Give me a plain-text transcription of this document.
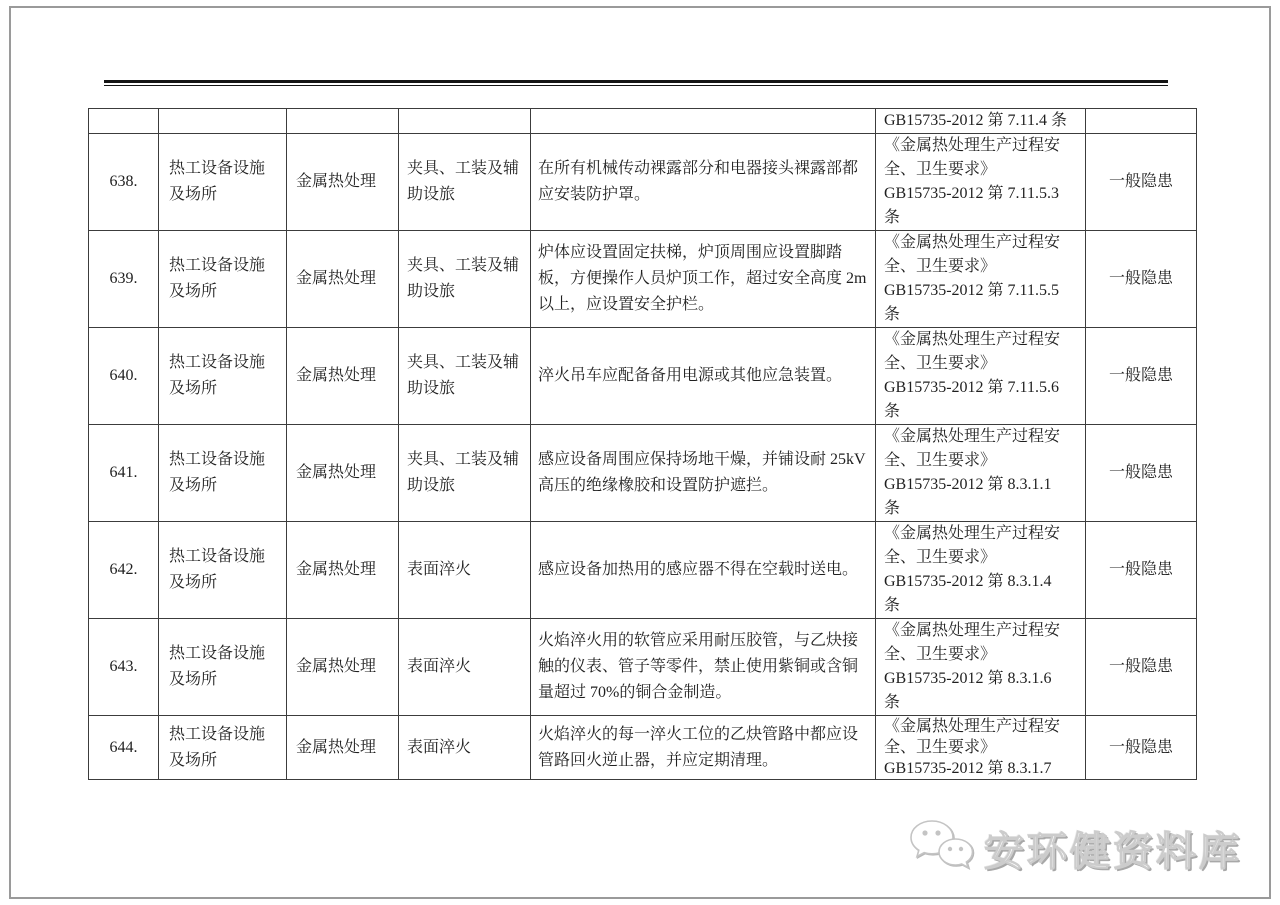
					GB15735-2012 第 7.11.4 条	

638.	热工设备设施及场所	金属热处理	夹具、工装及辅助设旅	在所有机械传动裸露部分和电器接头裸露部都应安装防护罩。	《金属热处理生产过程安
全、卫生要求》
GB15735-2012 第 7.11.5.3
条	一般隐患
639.	热工设备设施及场所	金属热处理	夹具、工装及辅助设旅	炉体应设置固定扶梯，炉顶周围应设置脚踏板，方便操作人员炉顶工作，超过安全高度 2m 以上，应设置安全护栏。	《金属热处理生产过程安
全、卫生要求》
GB15735-2012 第 7.11.5.5
条	一般隐患
640.	热工设备设施及场所	金属热处理	夹具、工装及辅助设旅	淬火吊车应配备备用电源或其他应急装置。	《金属热处理生产过程安
全、卫生要求》
GB15735-2012 第 7.11.5.6
条	一般隐患
641.	热工设备设施及场所	金属热处理	夹具、工装及辅助设旅	感应设备周围应保持场地干燥，并铺设耐 25kV 高压的绝缘橡胶和设置防护遮拦。	《金属热处理生产过程安
全、卫生要求》
GB15735-2012 第 8.3.1.1
条	一般隐患
642.	热工设备设施及场所	金属热处理	表面淬火	感应设备加热用的感应器不得在空载时送电。	《金属热处理生产过程安
全、卫生要求》
GB15735-2012 第 8.3.1.4
条	一般隐患
643.	热工设备设施及场所	金属热处理	表面淬火	火焰淬火用的软管应采用耐压胶管，与乙炔接触的仪表、管子等零件，禁止使用紫铜或含铜量超过 70%的铜合金制造。	《金属热处理生产过程安
全、卫生要求》
GB15735-2012 第 8.3.1.6
条	一般隐患
644.	热工设备设施及场所	金属热处理	表面淬火	火焰淬火的每一淬火工位的乙炔管路中都应设管路回火逆止器，并应定期清理。	《金属热处理生产过程安
全、卫生要求》
GB15735-2012 第 8.3.1.7	一般隐患
安环健资料库
